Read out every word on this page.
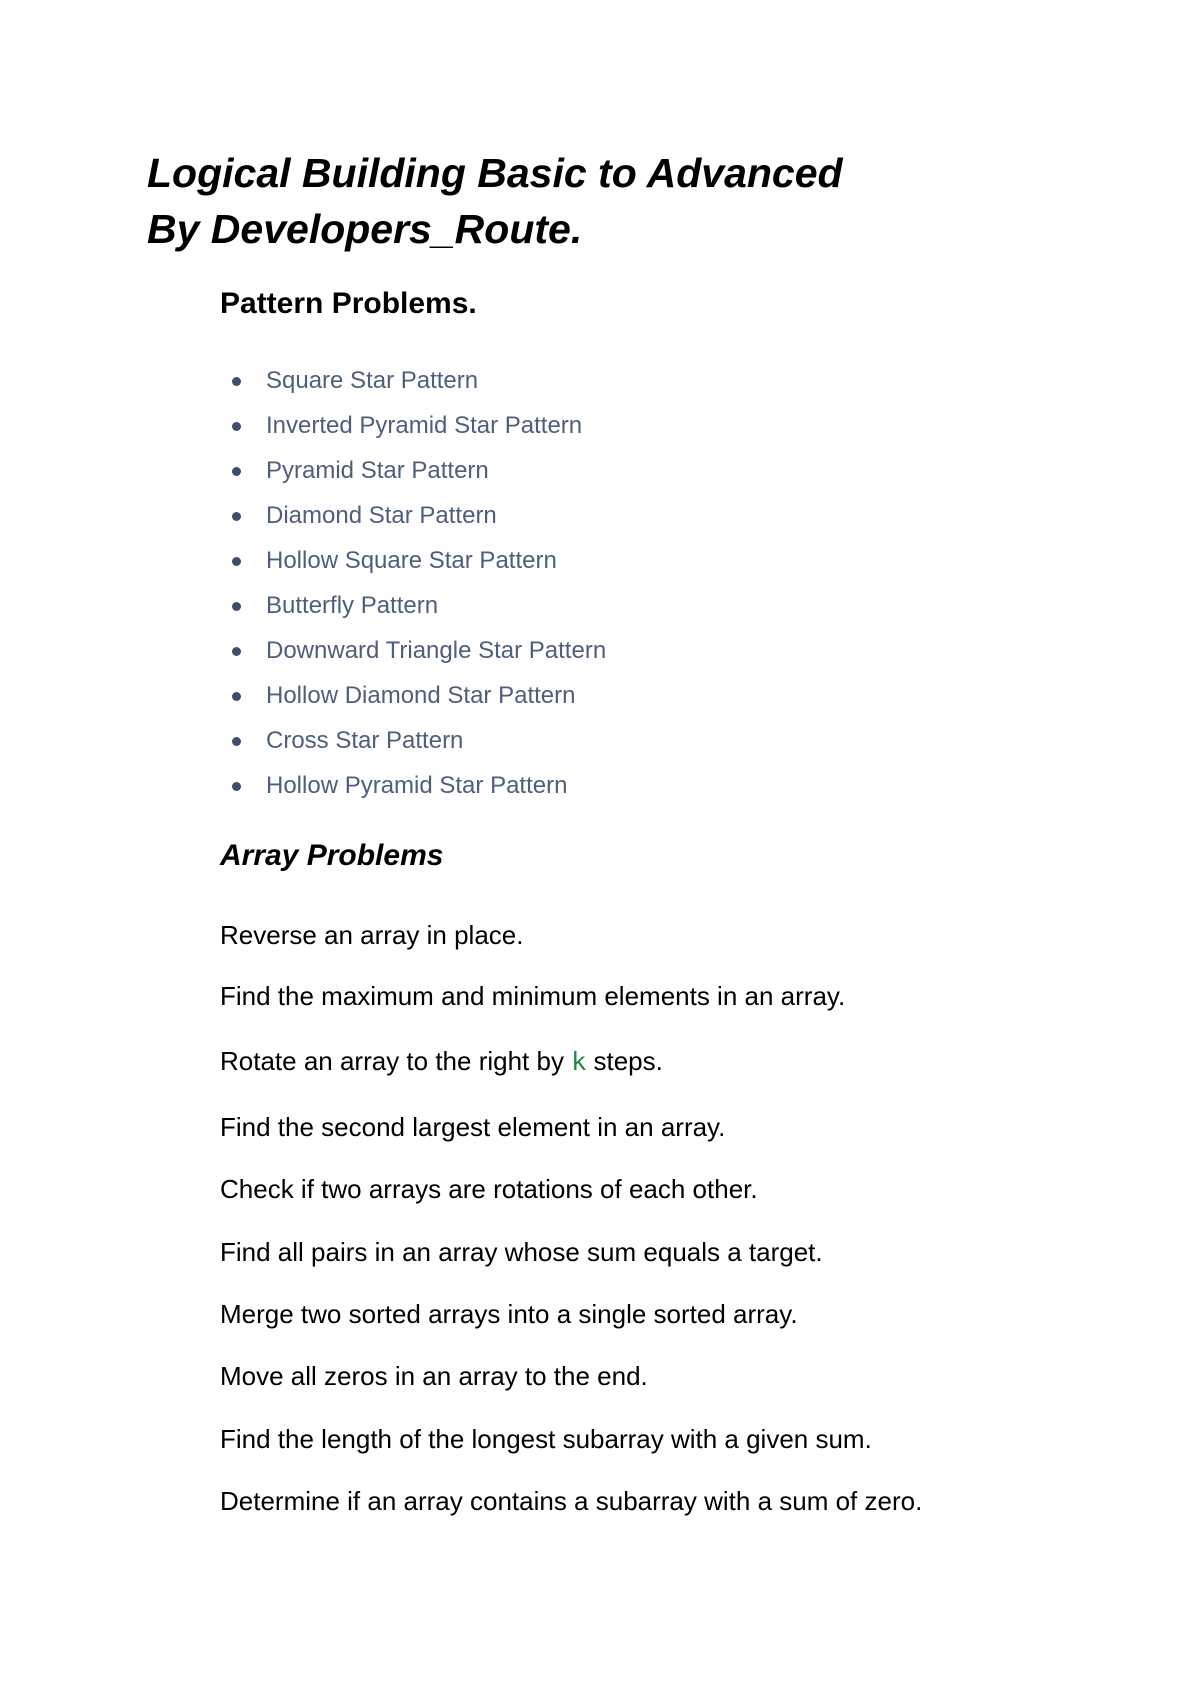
Logical Building Basic to Advanced
By Developers_Route.
Pattern Problems.
Square Star Pattern
Inverted Pyramid Star Pattern
Pyramid Star Pattern
Diamond Star Pattern
Hollow Square Star Pattern
Butterfly Pattern
Downward Triangle Star Pattern
Hollow Diamond Star Pattern
Cross Star Pattern
Hollow Pyramid Star Pattern
Array Problems

Reverse an array in place.

Find the maximum and minimum elements in an array.

Rotate an array to the right by k steps.

Find the second largest element in an array.

Check if two arrays are rotations of each other.

Find all pairs in an array whose sum equals a target.

Merge two sorted arrays into a single sorted array.

Move all zeros in an array to the end.

Find the length of the longest subarray with a given sum.

Determine if an array contains a subarray with a sum of zero.
